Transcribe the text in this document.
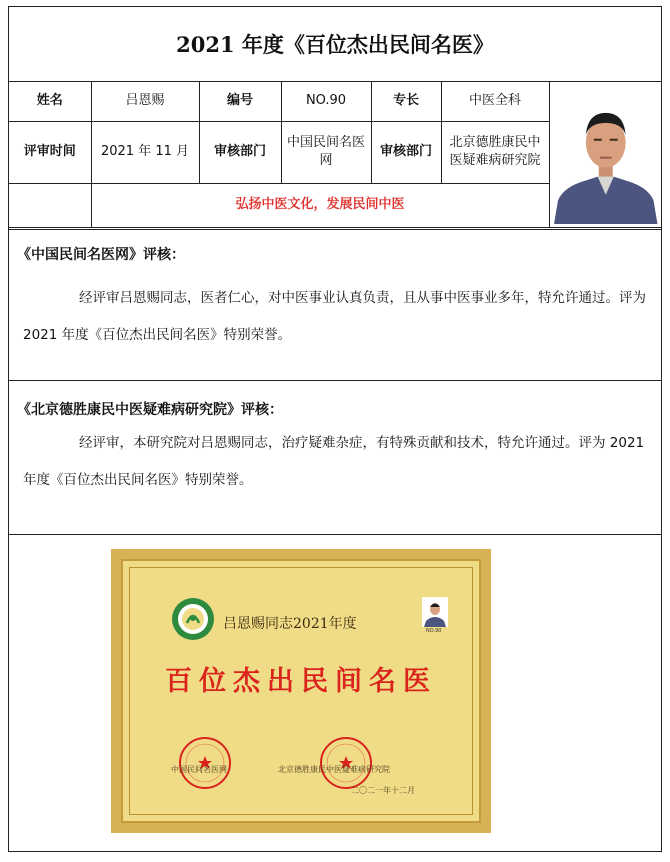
2021 年度《百位杰出民间名医》
姓名	吕恩赐	编号	NO.90	专长	中医全科	

评审时间	2021 年 11 月	审核部门	中国民间名医网	审核部门	北京德胜康民中医疑难病研究院	
	弘扬中医文化，发展民间中医					
《中国民间名医网》评核：
经评审吕恩赐同志，医者仁心，对中医事业认真负责，且从事中医事业多年，特允许通过。评为 2021 年度《百位杰出民间名医》特别荣誉。
《北京德胜康民中医疑难病研究院》评核：
经评审，本研究院对吕恩赐同志，治疗疑难杂症，有特殊贡献和技术，特允许通过。评为 2021 年度《百位杰出民间名医》特别荣誉。
吕恩赐同志2021年度	NO.90
百位杰出民间名医
中国民间名医网	北京德胜康民中医疑难病研究院
二〇二一年十二月
